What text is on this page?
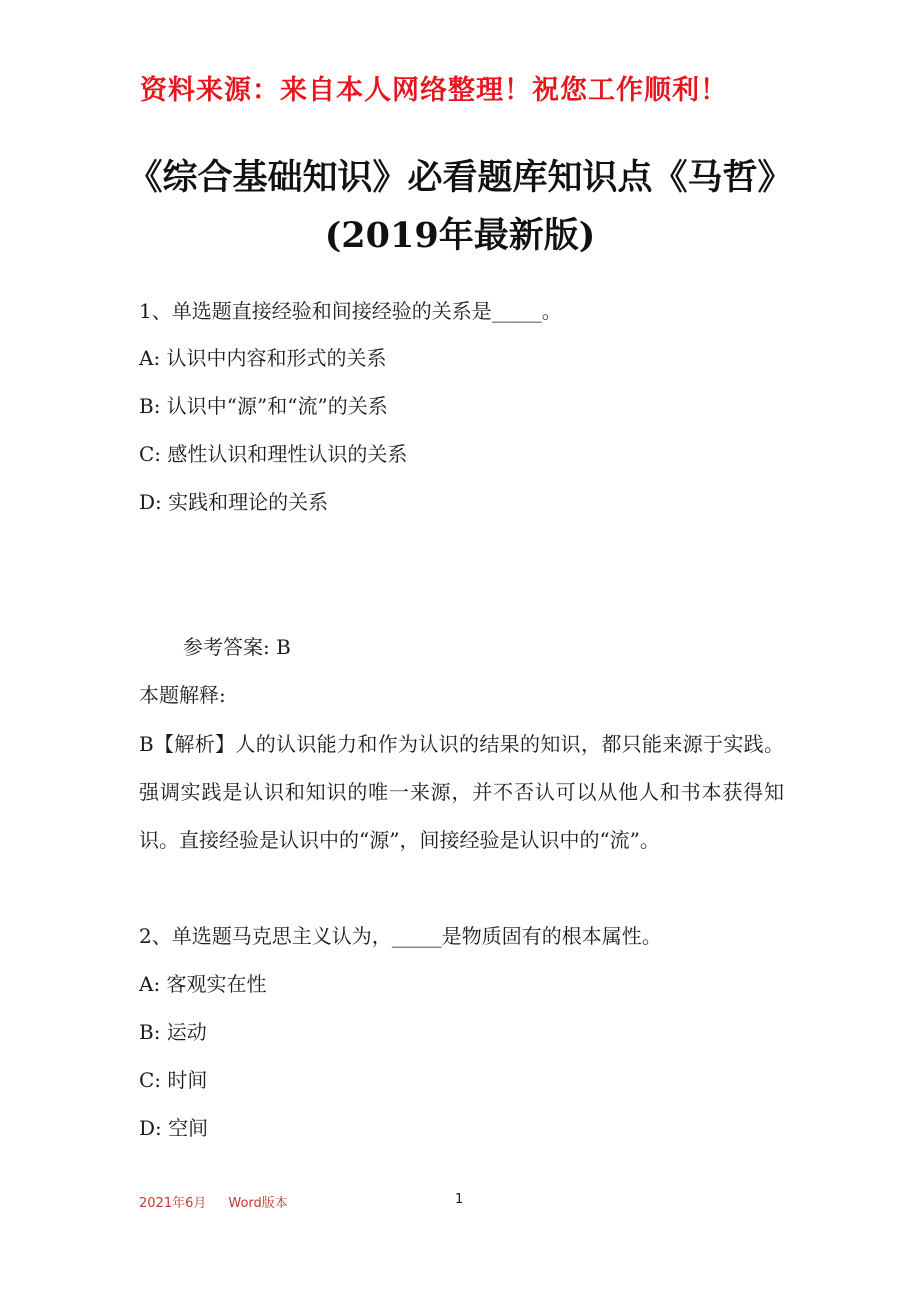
资料来源：来自本人网络整理！祝您工作顺利！
《综合基础知识》必看题库知识点《马哲》
(2019年最新版)
1、单选题直接经验和间接经验的关系是_____。
A: 认识中内容和形式的关系
B: 认识中“源”和“流”的关系
C: 感性认识和理性认识的关系
D: 实践和理论的关系
参考答案: B
本题解释:
B【解析】人的认识能力和作为认识的结果的知识，都只能来源于实践。强调实践是认识和知识的唯一来源，并不否认可以从他人和书本获得知识。直接经验是认识中的“源”，间接经验是认识中的“流”。
2、单选题马克思主义认为，_____是物质固有的根本属性。
A: 客观实在性
B: 运动
C: 时间
D: 空间
2021年6月 Word版本	1
